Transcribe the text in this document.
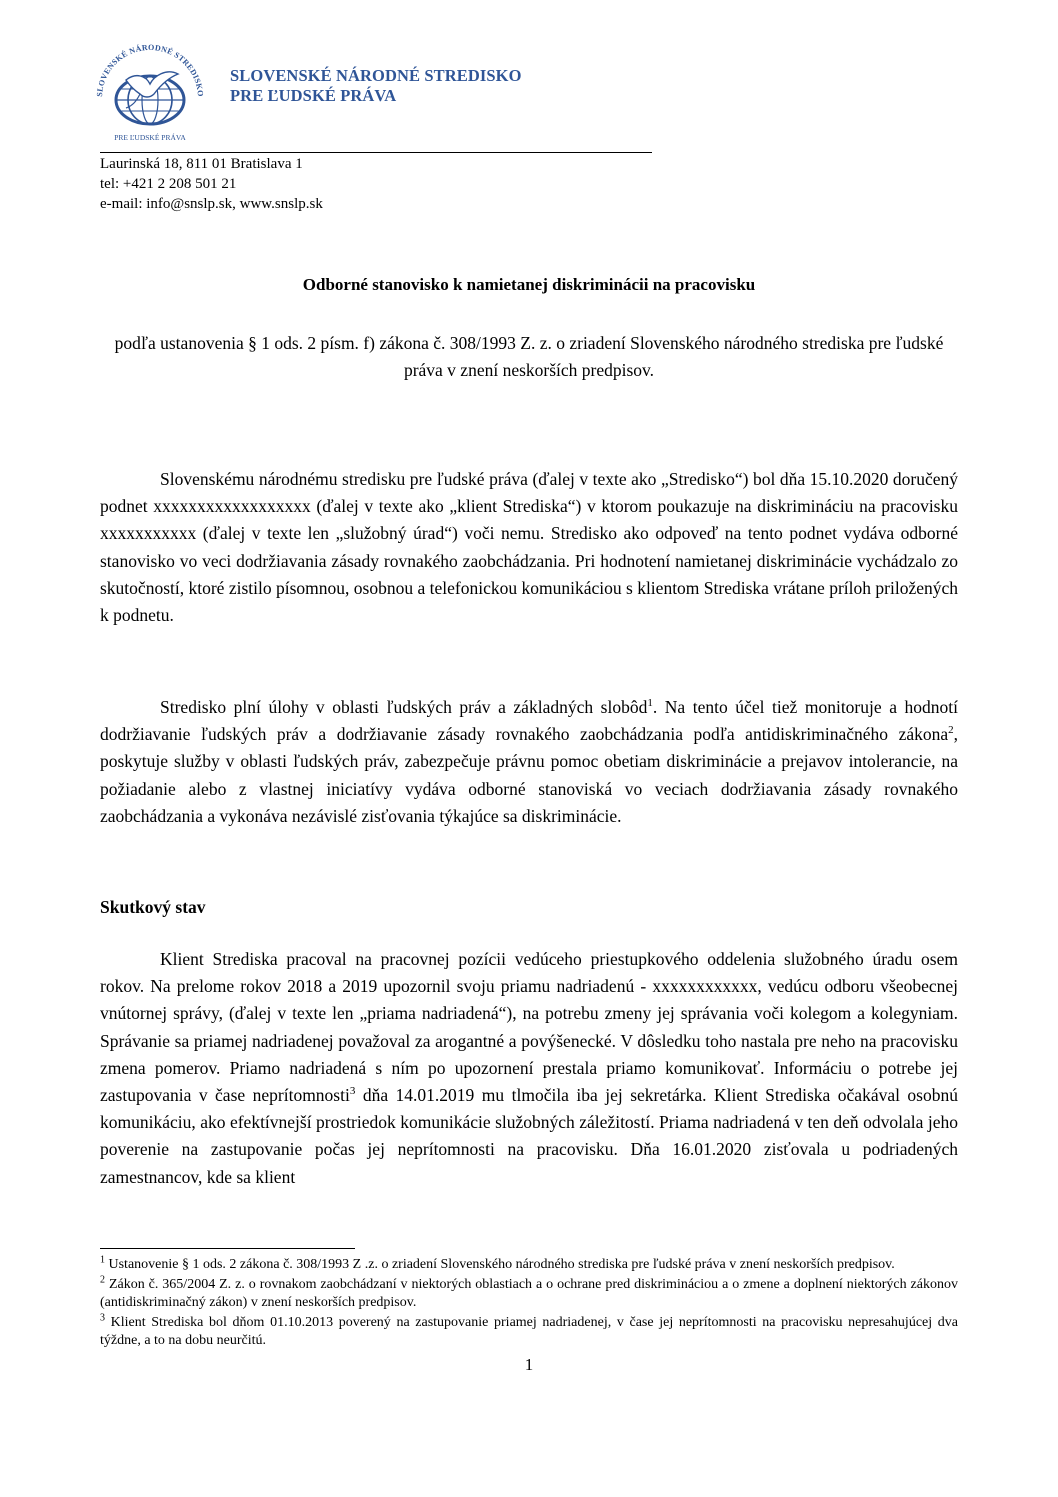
SLOVENSKÉ NÁRODNÉ STREDISKO
PRE ĽUDSKÉ PRÁVA
SLOVENSKÉ NÁRODNÉ STREDISKO
PRE ĽUDSKÉ PRÁVA
Laurinská 18, 811 01 Bratislava 1
tel: +421 2 208 501 21
e-mail: info@snslp.sk, www.snslp.sk
Odborné stanovisko k namietanej diskriminácii na pracovisku
podľa ustanovenia § 1 ods. 2 písm. f) zákona č. 308/1993 Z. z. o zriadení Slovenského národného strediska pre ľudské práva v znení neskorších predpisov.

Slovenskému národnému stredisku pre ľudské práva (ďalej v texte ako „Stredisko“) bol dňa 15.10.2020 doručený podnet xxxxxxxxxxxxxxxxxx (ďalej v texte ako „klient Strediska“) v ktorom poukazuje na diskrimináciu na pracovisku xxxxxxxxxxx (ďalej v texte len „služobný úrad“) voči nemu. Stredisko ako odpoveď na tento podnet vydáva odborné stanovisko vo veci dodržiavania zásady rovnakého zaobchádzania. Pri hodnotení namietanej diskriminácie vychádzalo zo skutočností, ktoré zistilo písomnou, osobnou a telefonickou komunikáciou s klientom Strediska vrátane príloh priložených k podnetu.

Stredisko plní úlohy v oblasti ľudských práv a základných slobôd$^1$. Na tento účel tiež monitoruje a hodnotí dodržiavanie ľudských práv a dodržiavanie zásady rovnakého zaobchádzania podľa antidiskriminačného zákona$^2$, poskytuje služby v oblasti ľudských práv, zabezpečuje právnu pomoc obetiam diskriminácie a prejavov intolerancie, na požiadanie alebo z vlastnej iniciatívy vydáva odborné stanoviská vo veciach dodržiavania zásady rovnakého zaobchádzania a vykonáva nezávislé zisťovania týkajúce sa diskriminácie.

Skutkový stav

Klient Strediska pracoval na pracovnej pozícii vedúceho priestupkového oddelenia služobného úradu osem rokov. Na prelome rokov 2018 a 2019 upozornil svoju priamu nadriadenú - xxxxxxxxxxxx, vedúcu odboru všeobecnej vnútornej správy, (ďalej v texte len „priama nadriadená“), na potrebu zmeny jej správania voči kolegom a kolegyniam. Správanie sa priamej nadriadenej považoval za arogantné a povýšenecké. V dôsledku toho nastala pre neho na pracovisku zmena pomerov. Priamo nadriadená s ním po upozornení prestala priamo komunikovať. Informáciu o potrebe jej zastupovania v čase neprítomnosti$^3$ dňa 14.01.2019 mu tlmočila iba jej sekretárka. Klient Strediska očakával osobnú komunikáciu, ako efektívnejší prostriedok komunikácie služobných záležitostí. Priama nadriadená v ten deň odvolala jeho poverenie na zastupovanie počas jej neprítomnosti na pracovisku. Dňa 16.01.2020 zisťovala u podriadených zamestnancov, kde sa klient

$^1$ Ustanovenie § 1 ods. 2 zákona č. 308/1993 Z .z. o zriadení Slovenského národného strediska pre ľudské práva v znení neskorších predpisov.

$^2$ Zákon č. 365/2004 Z. z. o rovnakom zaobchádzaní v niektorých oblastiach a o ochrane pred diskrimináciou a o zmene a doplnení niektorých zákonov (antidiskriminačný zákon) v znení neskorších predpisov.

$^3$ Klient Strediska bol dňom 01.10.2013 poverený na zastupovanie priamej nadriadenej, v čase jej neprítomnosti na pracovisku nepresahujúcej dva týždne, a to na dobu neurčitú.

1
